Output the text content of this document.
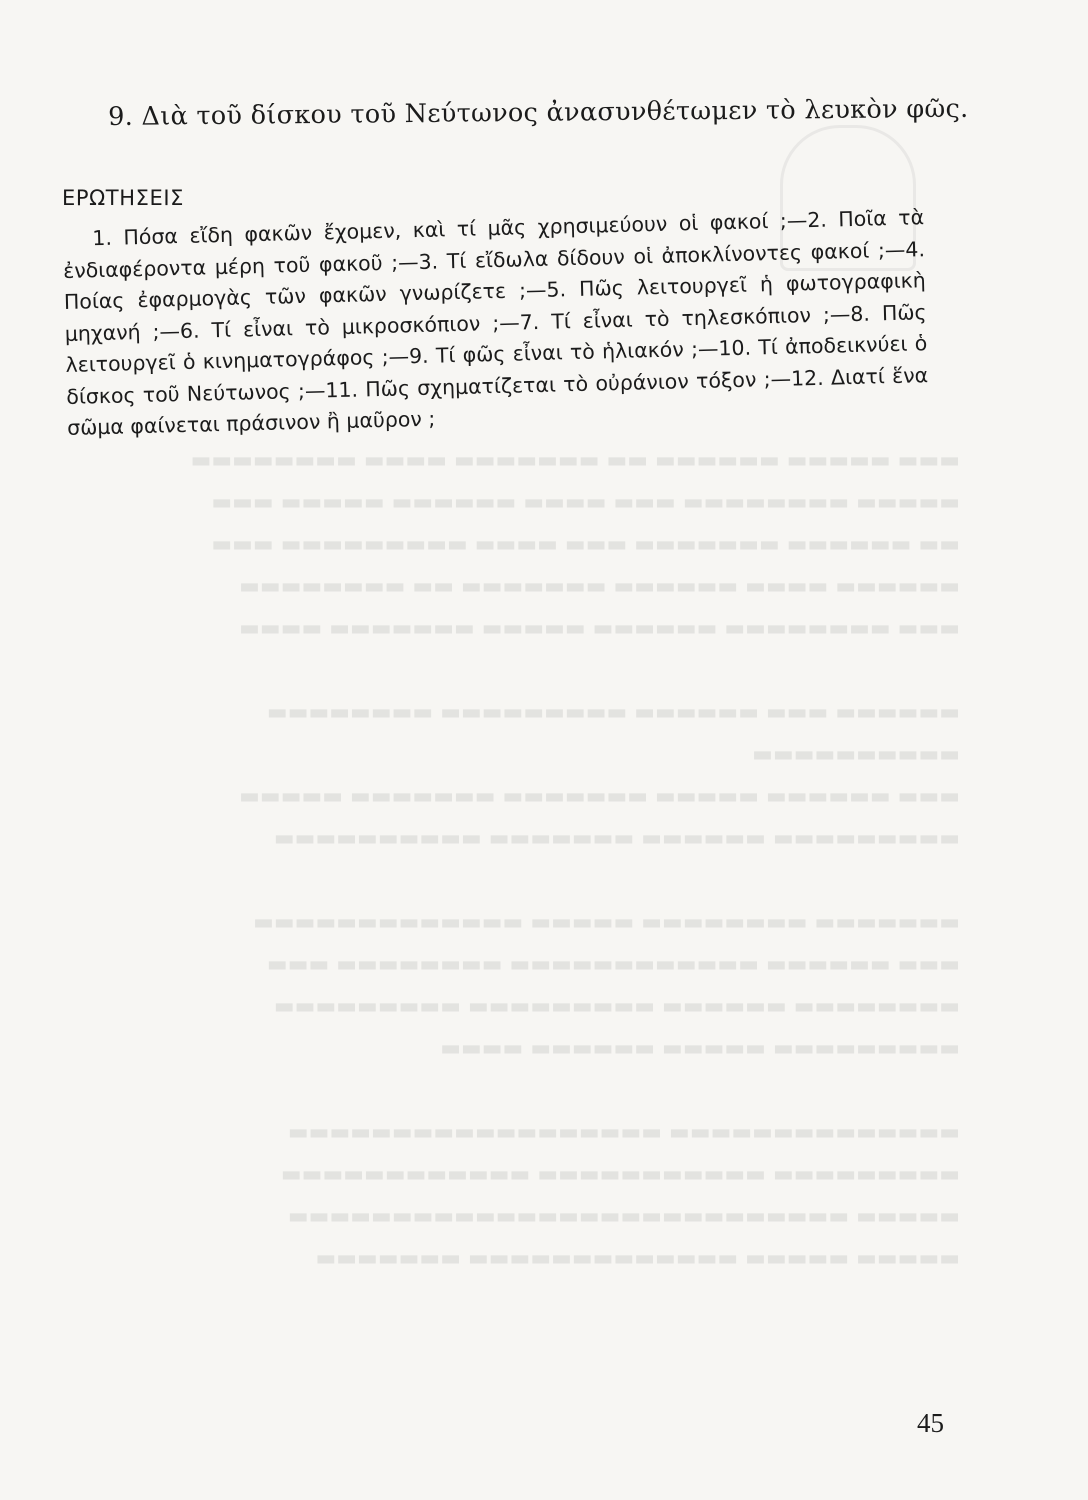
▬▬▬ ▬▬▬▬▬ ▬▬▬▬▬▬ ▬▬ ▬▬▬▬▬▬▬ ▬▬▬▬ ▬▬▬▬▬▬▬▬
▬▬▬▬▬ ▬▬▬▬▬▬▬▬ ▬▬▬ ▬▬▬▬ ▬▬▬▬▬▬ ▬▬▬▬▬ ▬▬▬
▬▬ ▬▬▬▬▬▬ ▬▬▬▬▬▬▬ ▬▬▬ ▬▬▬▬ ▬▬▬▬▬▬▬▬▬ ▬▬▬
▬▬▬▬▬▬ ▬▬▬▬ ▬▬▬▬▬▬ ▬▬▬▬▬▬▬ ▬▬ ▬▬▬▬▬▬▬▬
▬▬▬ ▬▬▬▬▬▬▬▬ ▬▬▬▬▬▬ ▬▬▬▬▬ ▬▬▬▬▬▬▬ ▬▬▬▬

▬▬▬▬▬▬ ▬▬▬ ▬▬▬▬▬▬ ▬▬▬▬▬▬▬▬▬ ▬▬▬▬▬▬▬▬
▬▬▬▬▬▬▬▬▬▬
▬▬▬ ▬▬▬▬▬▬ ▬▬▬▬▬ ▬▬▬▬▬▬▬ ▬▬▬▬▬▬▬ ▬▬▬▬▬
▬▬▬▬▬▬▬▬▬ ▬▬▬▬▬▬ ▬▬▬▬▬▬▬ ▬▬▬▬▬▬▬▬▬▬

▬▬▬▬▬▬▬ ▬▬▬▬▬▬▬▬ ▬▬▬▬▬ ▬▬▬▬▬▬▬▬▬▬▬▬▬
▬▬▬ ▬▬▬▬▬▬ ▬▬▬▬▬▬▬▬▬▬▬▬ ▬▬▬▬▬▬▬▬ ▬▬▬
▬▬▬▬▬▬▬▬ ▬▬▬▬▬▬ ▬▬▬▬▬▬▬▬▬ ▬▬▬▬▬▬▬▬▬
▬▬▬▬▬▬▬▬▬ ▬▬▬▬▬ ▬▬▬▬▬▬ ▬▬▬▬

▬▬▬▬▬▬▬▬▬▬▬▬▬▬ ▬▬▬▬▬▬▬▬▬▬▬▬▬▬▬▬▬▬
▬▬▬▬▬▬▬▬▬ ▬▬▬▬▬▬▬▬▬▬▬ ▬▬▬▬▬▬▬▬▬▬▬▬
▬▬▬▬▬ ▬▬▬▬▬▬▬▬▬▬▬▬▬▬▬▬▬▬▬▬▬▬▬▬▬▬▬
▬▬▬▬▬ ▬▬▬▬▬ ▬▬▬▬▬▬▬▬▬▬▬▬▬ ▬▬▬▬▬▬▬
9. Διὰ τοῦ δίσκου τοῦ Νεύτωνος ἀνασυνθέτωμεν τὸ λευκὸν φῶς.
ΕΡΩΤΗΣΕΙΣ

1. Πόσα εἴδη φακῶν ἔχομεν, καὶ τί μᾶς χρησιμεύουν οἱ φακοί ;—2. Ποῖα τὰ ἐνδιαφέροντα μέρη τοῦ φακοῦ ;—3. Τί εἴδωλα δίδουν οἱ ἀποκλίνοντες φακοί ;—4. Ποίας ἐφαρμογὰς τῶν φακῶν γνωρίζετε ;—5. Πῶς λειτουργεῖ ἡ φωτογραφικὴ μηχανή ;—6. Τί εἶναι τὸ μικροσκόπιον ;—7. Τί εἶναι τὸ τηλεσκόπιον ;—8. Πῶς λειτουργεῖ ὁ κινηματογράφος ;—9. Τί φῶς εἶναι τὸ ἡλιακόν ;—10. Τί ἀποδεικνύει ὁ δίσκος τοῦ Νεύτωνος ;—11. Πῶς σχηματίζεται τὸ οὐράνιον τόξον ;—12. Διατί ἕνα σῶμα φαίνεται πράσινον ἢ μαῦρον ;

45
